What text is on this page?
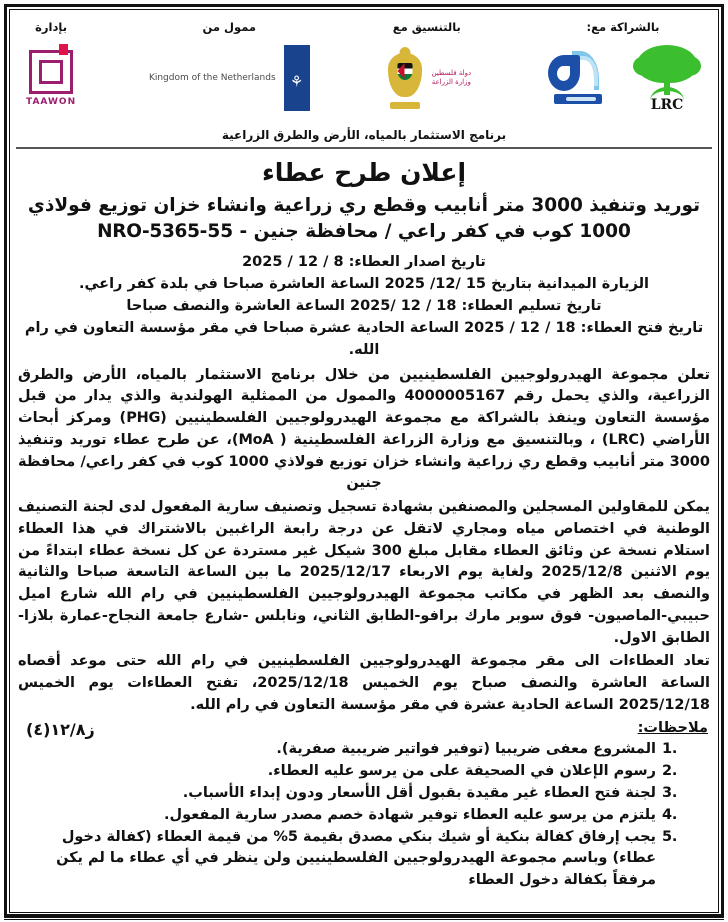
بإدارة
TAAWON
ممول من
⚘
Kingdom of the Netherlands
بالتنسيق مع
دولة فلسطين
وزارة الزراعة
بالشراكة مع:
LRC
برنامج الاستثمار بالمياه، الأرض والطرق الزراعية
إعلان طرح عطاء
توريد وتنفيذ 3000 متر أنابيب وقطع ري زراعية وانشاء خزان توزيع فولاذي 1000 كوب في كفر راعي / محافظة جنين - 55-NRO-5365
تاريخ اصدار العطاء: 8 / 12 / 2025
الزيارة الميدانية بتاريخ 15 /12/ 2025 الساعة العاشرة صباحا في بلدة كفر راعي.
تاريخ تسليم العطاء: 18 / 12 /2025 الساعة العاشرة والنصف صباحا
تاريخ فتح العطاء: 18 / 12 / 2025 الساعة الحادية عشرة صباحا في مقر مؤسسة التعاون في رام الله.
تعلن مجموعة الهيدرولوجيين الفلسطينيين من خلال برنامج الاستثمار بالمياه، الأرض والطرق الزراعية، والذي يحمل رقم 4000005167 والممول من الممثلية الهولندية والذي يدار من قبل مؤسسة التعاون وينفذ بالشراكة مع مجموعة الهيدرولوجيين الفلسطينيين (PHG) ومركز أبحاث الأراضي (LRC) ، وبالتنسيق مع وزارة الزراعة الفلسطينية ( MoA)، عن طرح عطاء توريد وتنفيذ 3000 متر أنابيب وقطع ري زراعية وانشاء خزان توزيع فولاذي 1000 كوب في كفر راعي/ محافظة جنين
يمكن للمقاولين المسجلين والمصنفين بشهادة تسجيل وتصنيف سارية المفعول لدى لجنة التصنيف الوطنية في اختصاص مياه ومجاري لاتقل عن درجة رابعة الراغبين بالاشتراك في هذا العطاء استلام نسخة عن وثائق العطاء مقابل مبلغ 300 شيكل غير مستردة عن كل نسخة عطاء ابتداءً من يوم الاثنين 2025/12/8 ولغاية يوم الاربعاء 2025/12/17 ما بين الساعة التاسعة صباحا والثانية والنصف بعد الظهر في مكاتب مجموعة الهيدرولوجيين الفلسطينيين في رام الله شارع اميل حبيبي-الماصيون- فوق سوبر مارك برافو-الطابق الثاني، ونابلس -شارع جامعة النجاح-عمارة بلازا- الطابق الاول.
تعاد العطاءات الى مقر مجموعة الهيدرولوجيين الفلسطينيين في رام الله حتى موعد أقصاه الساعة العاشرة والنصف صباح يوم الخميس 2025/12/18، تفتح العطاءات يوم الخميس 2025/12/18 الساعة الحادية عشرة في مقر مؤسسة التعاون في رام الله.
ملاحظات:
ز١٢/٨(٤)
1.
المشروع معفى ضريبيا (توفير فواتير ضريبية صفرية).
2.
رسوم الإعلان في الصحيفة على من يرسو عليه العطاء.
3.
لجنة فتح العطاء غير مقيدة بقبول أقل الأسعار ودون إبداء الأسباب.
4.
يلتزم من يرسو عليه العطاء توفير شهادة خصم مصدر سارية المفعول.
5.
يجب إرفاق كفالة بنكية أو شيك بنكي مصدق بقيمة 5% من قيمة العطاء (كفالة دخول عطاء) وباسم مجموعة الهيدرولوجيين الفلسطينيين ولن ينظر في أي عطاء ما لم يكن مرفقاً بكفالة دخول العطاء
